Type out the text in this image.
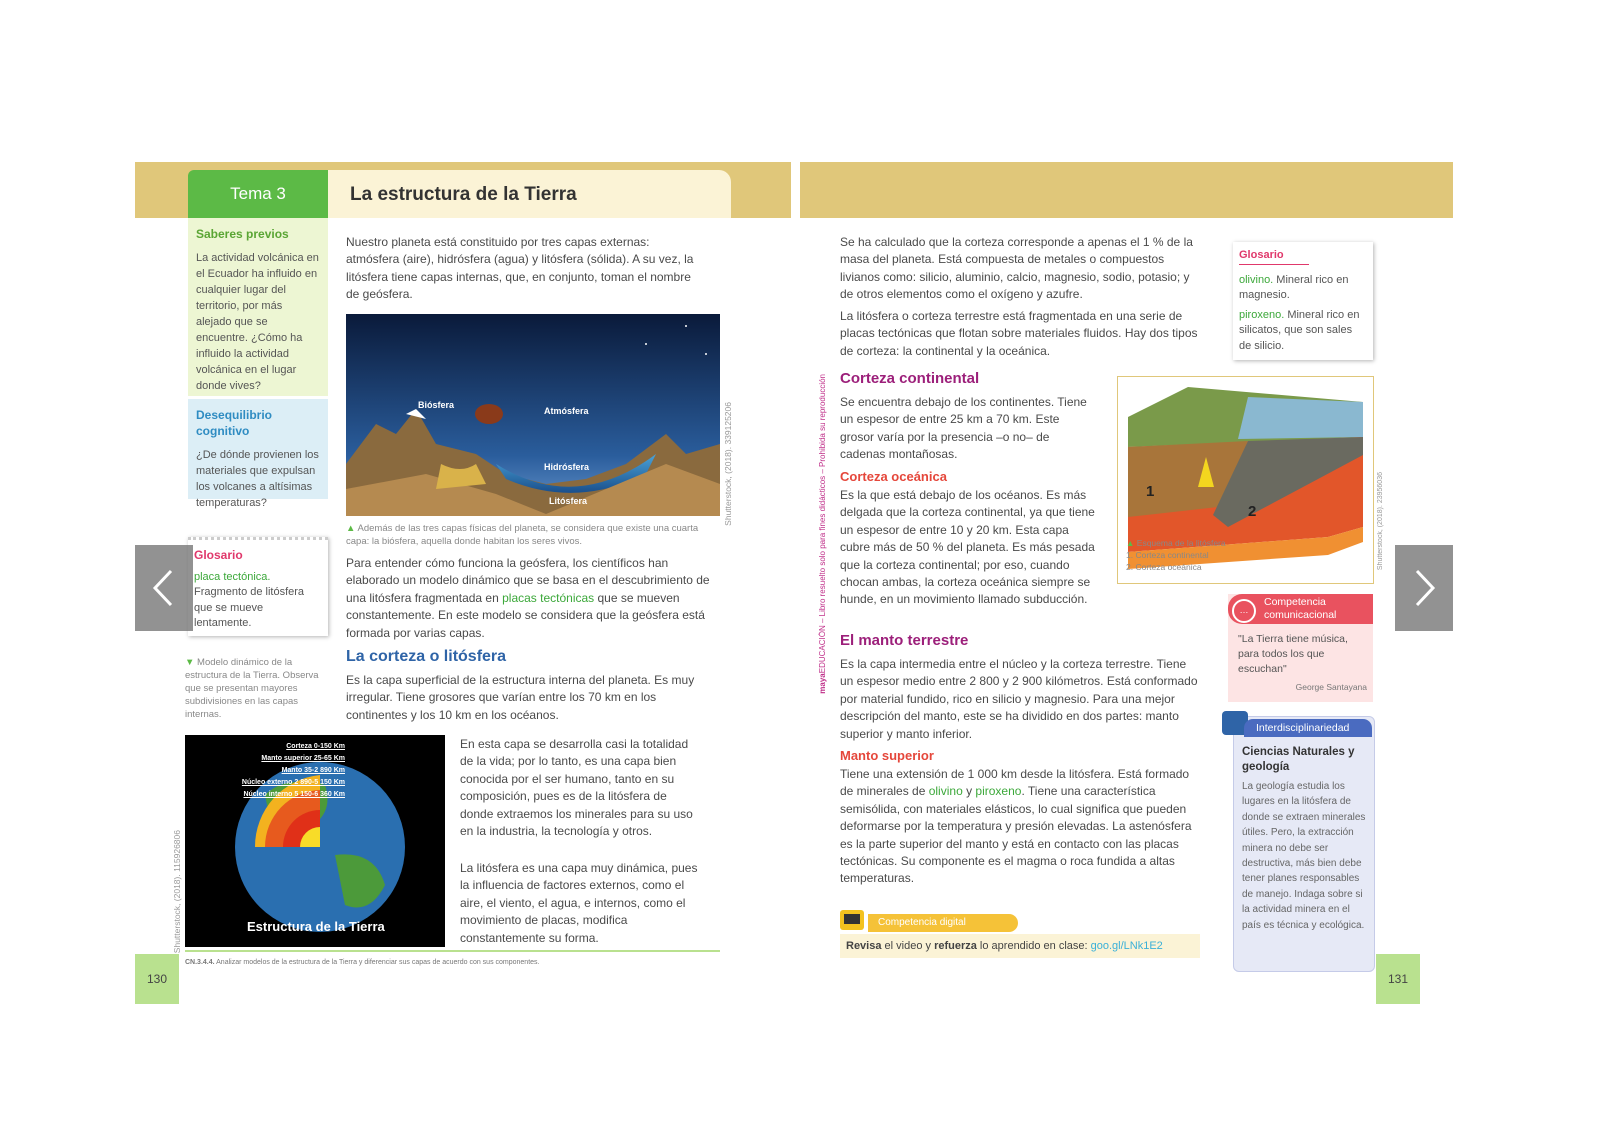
Tema 3	La estructura de la Tierra
Saberes previos

La actividad volcánica en el Ecuador ha influido en cualquier lugar del territorio, por más alejado que se encuentre. ¿Cómo ha influido la actividad volcánica en el lugar donde vives?

Desequilibrio cognitivo

¿De dónde provienen los materiales que expulsan los volcanes a altísimas temperaturas?

Glosario
placa tectónica.
Fragmento de litósfera que se mueve lentamente.
▼ Modelo dinámico de la estructura de la Tierra. Observa que se presentan mayores subdivisiones en las capas internas.
Nuestro planeta está constituido por tres capas externas: atmósfera (aire), hidrósfera (agua) y litósfera (sólida). A su vez, la litósfera tiene capas internas, que, en conjunto, toman el nombre de geósfera.
Biósfera
Atmósfera
Hidrósfera
Litósfera	Shutterstock, (2018). 339125206
▲ Además de las tres capas físicas del planeta, se considera que existe una cuarta capa: la biósfera, aquella donde habitan los seres vivos.
Para entender cómo funciona la geósfera, los científicos han elaborado un modelo dinámico que se basa en el descubrimiento de una litósfera fragmentada en placas tectónicas que se mueven constantemente. En este modelo se considera que la geósfera está formada por varias capas.
La corteza o litósfera
Es la capa superficial de la estructura interna del planeta. Es muy irregular. Tiene grosores que varían entre los 70 km en los continentes y los 10 km en los océanos.
Corteza 0-150 Km
Manto superior 25-65 Km
Manto 35-2 890 Km
Núcleo externo 2 890-5 150 Km
Núcleo interno 5 150-6 360 Km
Estructura de la Tierra
Shutterstock, (2018). 115926806
En esta capa se desarrolla casi la totalidad de la vida; por lo tanto, es una capa bien conocida por el ser humano, tanto en su composición, pues es de la litósfera de donde extraemos los minerales para su uso en la industria, la tecnología y otros.
La litósfera es una capa muy dinámica, pues la influencia de factores externos, como el aire, el viento, el agua, e internos, como el movimiento de placas, modifica constantemente su forma.
130
CN.3.4.4. Analizar modelos de la estructura de la Tierra y diferenciar sus capas de acuerdo con sus componentes.
Se ha calculado que la corteza corresponde a apenas el 1 % de la masa del planeta. Está compuesta de metales o compuestos livianos como: silicio, aluminio, calcio, magnesio, sodio, potasio; y de otros elementos como el oxígeno y azufre.
La litósfera o corteza terrestre está fragmentada en una serie de placas tectónicas que flotan sobre materiales fluidos. Hay dos tipos de corteza: la continental y la oceánica.
mayaEDUCACIÓN – Libro resuelto solo para fines didácticos – Prohibida su reproducción Corteza continental
Se encuentra debajo de los continentes. Tiene un espesor de entre 25 km a 70 km. Este grosor varía por la presencia –o no– de cadenas montañosas.
Corteza oceánica
Es la que está debajo de los océanos. Es más delgada que la corteza continental, ya que tiene un espesor de entre 10 y 20 km. Esta capa cubre más de 50 % del planeta. Es más pesada que la corteza continental; por eso, cuando chocan ambas, la corteza oceánica siempre se hunde, en un movimiento llamado subducción.
1
2
▲ Esquema de la litósfera
1. Corteza continental
2. Corteza oceánica	Shutterstock, (2018). 23956036
El manto terrestre
Es la capa intermedia entre el núcleo y la corteza terrestre. Tiene un espesor medio entre 2 800 y 2 900 kilómetros. Está conformado por material fundido, rico en silicio y magnesio. Para una mejor descripción del manto, este se ha dividido en dos partes: manto superior y manto inferior.
Manto superior
Tiene una extensión de 1 000 km desde la litósfera. Está formado de minerales de olivino y piroxeno. Tiene una característica semisólida, con materiales elásticos, lo cual significa que pueden deformarse por la temperatura y presión elevadas. La astenósfera es la parte superior del manto y está en contacto con las placas tectónicas. Su componente es el magma o roca fundida a altas temperaturas.
Competencia digital
Revisa el video y refuerza lo aprendido en clase: goo.gl/LNk1E2
Glosario
olivino. Mineral rico en magnesio.
piroxeno. Mineral rico en silicatos, que son sales de silicio.
…
Competencia
comunicacional
"La Tierra tiene música, para todos los que escuchan"
George Santayana
Interdisciplinariedad
Ciencias Naturales y geología
La geología estudia los lugares en la litósfera de donde se extraen minerales útiles. Pero, la extracción minera no debe ser destructiva, más bien debe tener planes responsables de manejo. Indaga sobre si la actividad minera en el país es técnica y ecológica.
131
